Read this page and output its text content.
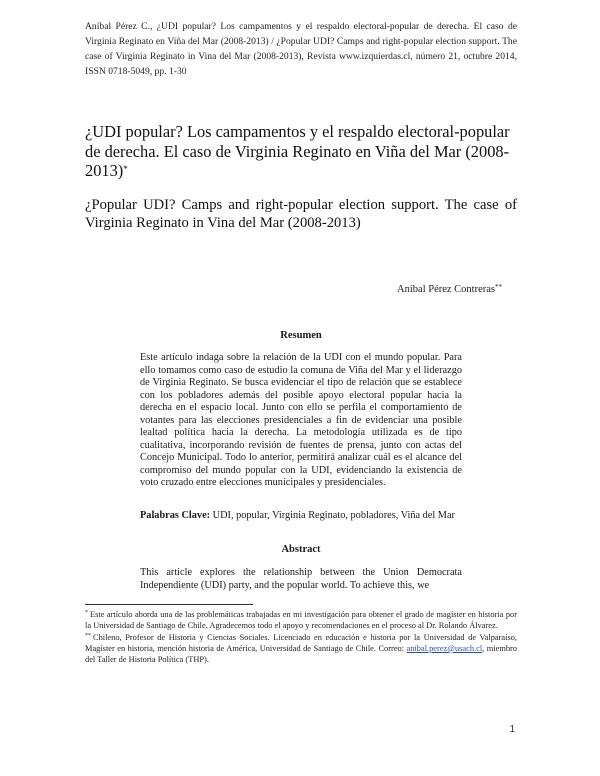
Aníbal Pérez C., ¿UDI popular? Los campamentos y el respaldo electoral-popular de derecha. El caso de Virginia Reginato en Viña del Mar (2008-2013) / ¿Popular UDI? Camps and right-popular election support. The case of Virginia Reginato in Vina del Mar (2008-2013), Revista www.izquierdas.cl, número 21, octubre 2014, ISSN 0718-5049, pp. 1-30
¿UDI popular? Los campamentos y el respaldo electoral-popular de derecha. El caso de Virginia Reginato en Viña del Mar (2008-2013)*
¿Popular UDI? Camps and right-popular election support. The case of Virginia Reginato in Vina del Mar (2008-2013)
Aníbal Pérez Contreras**
Resumen
Este artículo indaga sobre la relación de la UDI con el mundo popular. Para ello tomamos como caso de estudio la comuna de Viña del Mar y el liderazgo de Virginia Reginato. Se busca evidenciar el tipo de relación que se establece con los pobladores además del posible apoyo electoral popular hacia la derecha en el espacio local. Junto con ello se perfila el comportamiento de votantes para las elecciones presidenciales a fin de evidenciar una posible lealtad política hacia la derecha. La metodología utilizada es de tipo cualitativa, incorporando revisión de fuentes de prensa, junto con actas del Concejo Municipal. Todo lo anterior, permitirá analizar cuál es el alcance del compromiso del mundo popular con la UDI, evidenciando la existencia de voto cruzado entre elecciones municipales y presidenciales.
Palabras Clave: UDI, popular, Virginia Reginato, pobladores, Viña del Mar
Abstract
This article explores the relationship between the Union Democrata Independiente (UDI) party, and the popular world. To achieve this, we

* Este artículo aborda una de las problemáticas trabajadas en mi investigación para obtener el grado de magíster en historia por la Universidad de Santiago de Chile. Agradecemos todo el apoyo y recomendaciones en el proceso al Dr. Rolando Álvarez.

** Chileno, Profesor de Historia y Ciencias Sociales. Licenciado en educación e historia por la Universidad de Valparaíso, Magíster en historia, mención historia de América, Universidad de Santiago de Chile. Correo: anibal.perez@usach.cl, miembro del Taller de Historia Política (THP).

1
